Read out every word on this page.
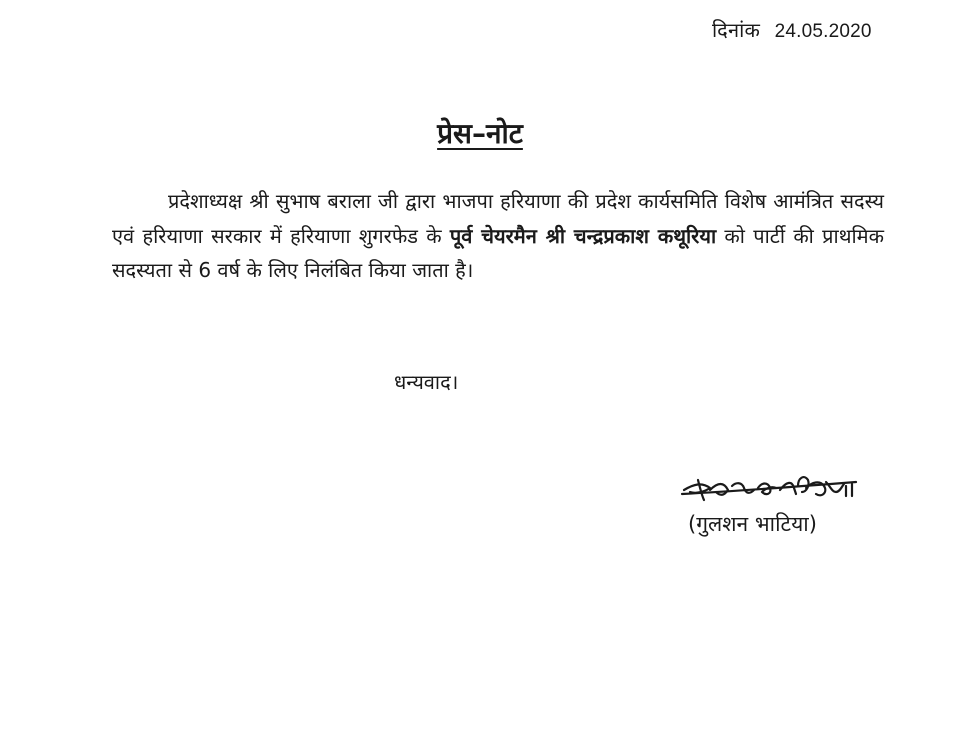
दिनांक 24.05.2020
प्रेस–नोट
प्रदेशाध्यक्ष श्री सुभाष बराला जी द्वारा भाजपा हरियाणा की प्रदेश कार्यसमिति विशेष आमंत्रित सदस्य एवं हरियाणा सरकार में हरियाणा शुगरफेड के पूर्व चेयरमैन श्री चन्द्रप्रकाश कथूरिया को पार्टी की प्राथमिक सदस्यता से 6 वर्ष के लिए निलंबित किया जाता है।
धन्यवाद।
(गुलशन भाटिया)
